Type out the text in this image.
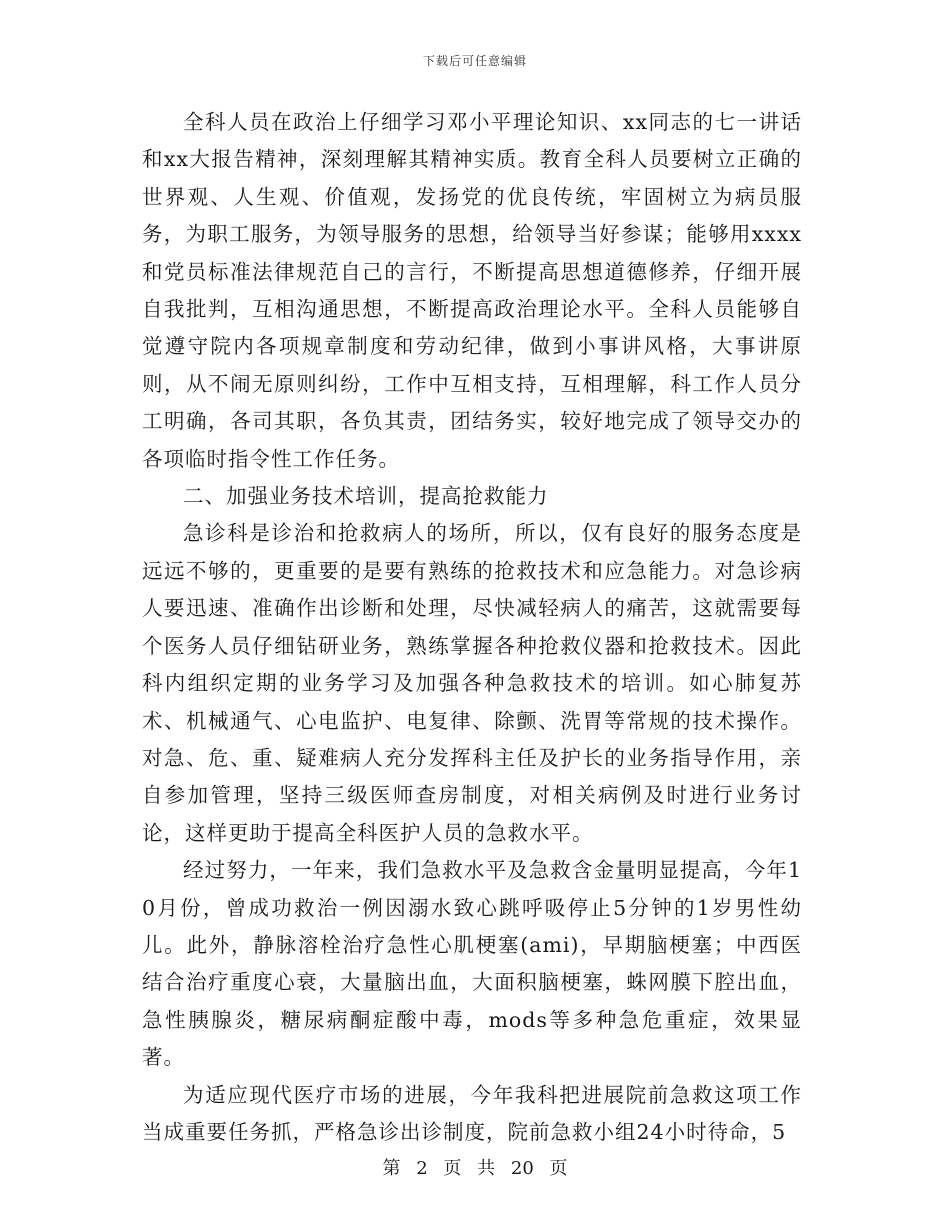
下载后可任意编辑

全科人员在政治上仔细学习邓小平理论知识、xx同志的七一讲话和xx大报告精神，深刻理解其精神实质。教育全科人员要树立正确的世界观、人生观、价值观，发扬党的优良传统，牢固树立为病员服务，为职工服务，为领导服务的思想，给领导当好参谋；能够用xxxx和党员标准法律规范自己的言行，不断提高思想道德修养，仔细开展自我批判，互相沟通思想，不断提高政治理论水平。全科人员能够自觉遵守院内各项规章制度和劳动纪律，做到小事讲风格，大事讲原则，从不闹无原则纠纷，工作中互相支持，互相理解，科工作人员分工明确，各司其职，各负其责，团结务实，较好地完成了领导交办的各项临时指令性工作任务。

二、加强业务技术培训，提高抢救能力

急诊科是诊治和抢救病人的场所，所以，仅有良好的服务态度是远远不够的，更重要的是要有熟练的抢救技术和应急能力。对急诊病人要迅速、准确作出诊断和处理，尽快减轻病人的痛苦，这就需要每个医务人员仔细钻研业务，熟练掌握各种抢救仪器和抢救技术。因此科内组织定期的业务学习及加强各种急救技术的培训。如心肺复苏术、机械通气、心电监护、电复律、除颤、洗胃等常规的技术操作。对急、危、重、疑难病人充分发挥科主任及护长的业务指导作用，亲自参加管理，坚持三级医师查房制度，对相关病例及时进行业务讨论，这样更助于提高全科医护人员的急救水平。

经过努力，一年来，我们急救水平及急救含金量明显提高，今年10月份，曾成功救治一例因溺水致心跳呼吸停止5分钟的1岁男性幼儿。此外，静脉溶栓治疗急性心肌梗塞(ami)，早期脑梗塞；中西医结合治疗重度心衰，大量脑出血，大面积脑梗塞，蛛网膜下腔出血，急性胰腺炎，糖尿病酮症酸中毒，mods等多种急危重症，效果显著。

为适应现代医疗市场的进展，今年我科把进展院前急救这项工作当成重要任务抓，严格急诊出诊制度，院前急救小组24小时待命，5

第 2 页 共 20 页
